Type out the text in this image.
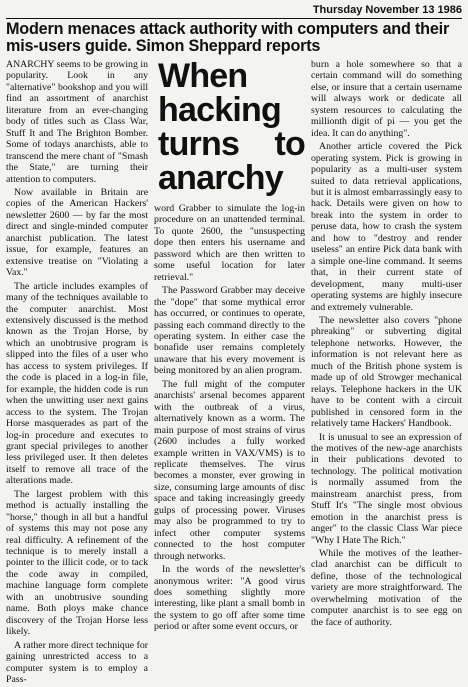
Thursday November 13 1986
Modern menaces attack authority with computers and their mis-users guide. Simon Sheppard reports

ANARCHY seems to be growing in popularity. Look in any "alternative" bookshop and you will find an assortment of anarchist literature from an ever-changing body of titles such as Class War, Stuff It and The Brighton Bomber. Some of todays anarchists, able to transcend the mere chant of "Smash the State," are turning their attention to computers.

Now available in Britain are copies of the American Hackers' newsletter 2600 — by far the most direct and single-minded computer anarchist publication. The latest issue, for example, features an extensive treatise on "Violating a Vax."

The article includes examples of many of the techniques available to the computer anarchist. Most extensively discussed is the method known as the Trojan Horse, by which an unobtrusive program is slipped into the files of a user who has access to system privileges. If the code is placed in a log-in file, for example, the hidden code is run when the unwitting user next gains access to the system. The Trojan Horse masquerades as part of the log-in procedure and executes to grant special privileges to another less privileged user. It then deletes itself to remove all trace of the alterations made.

The largest problem with this method is actually installing the "horse," though in all but a handful of systems this may not pose any real difficulty. A refinement of the technique is to merely install a pointer to the illicit code, or to tack the code away in compiled, machine language form complete with an unobtrusive sounding name. Both ploys make chance discovery of the Trojan Horse less likely.

A rather more direct technique for gaining unrestricted access to a computer system is to employ a Pass-

When hacking turns to anarchy

word Grabber to simulate the log-in procedure on an unattended terminal. To quote 2600, the "unsuspecting dope then enters his username and password which are then written to some useful location for later retrieval."

The Password Grabber may deceive the "dope" that some mythical error has occurred, or continues to operate, passing each command directly to the operating system. In either case the bonafide user remains completely unaware that his every movement is being monitored by an alien program.

The full might of the computer anarchists' arsenal becomes apparent with the outbreak of a virus, alternatively known as a worm. The main purpose of most strains of virus (2600 includes a fully worked example written in VAX/VMS) is to replicate themselves. The virus becomes a monster, ever growing in size, consuming large amounts of disc space and taking increasingly greedy gulps of processing power. Viruses may also be programmed to try to infect other computer systems connected to the host computer through networks.

In the words of the newsletter's anonymous writer: "A good virus does something slightly more interesting, like plant a small bomb in the system to go off after some time period or after some event occurs, or

burn a hole somewhere so that a certain command will do something else, or insure that a certain username will always work or dedicate all system resources to calculating the millionth digit of pi — you get the idea. It can do anything".

Another article covered the Pick operating system. Pick is growing in popularity as a multi-user system suited to data retrieval applications, but it is almost embarrassingly easy to hack. Details were given on how to break into the system in order to peruse data, how to crash the system and how to "destroy and render useless" an entire Pick data bank with a simple one-line command. It seems that, in their current state of development, many multi-user operating systems are highly insecure and extremely vulnerable.

The newsletter also covers "phone phreaking" or subverting digital telephone networks. However, the information is not relevant here as much of the British phone system is made up of old Strowger mechanical relays. Telephone hackers in the UK have to be content with a circuit published in censored form in the relatively tame Hackers' Handbook.

It is unusual to see an expression of the motives of the new-age anarchists in their publications devoted to technology. The political motivation is normally assumed from the mainstream anarchist press, from Stuff It's "The single most obvious emotion in the anarchist press is anger" to the classic Class War piece "Why I Hate The Rich."

While the motives of the leather-clad anarchist can be difficult to define, those of the technological variety are more straightforward. The overwhelming motivation of the computer anarchist is to see egg on the face of authority.
